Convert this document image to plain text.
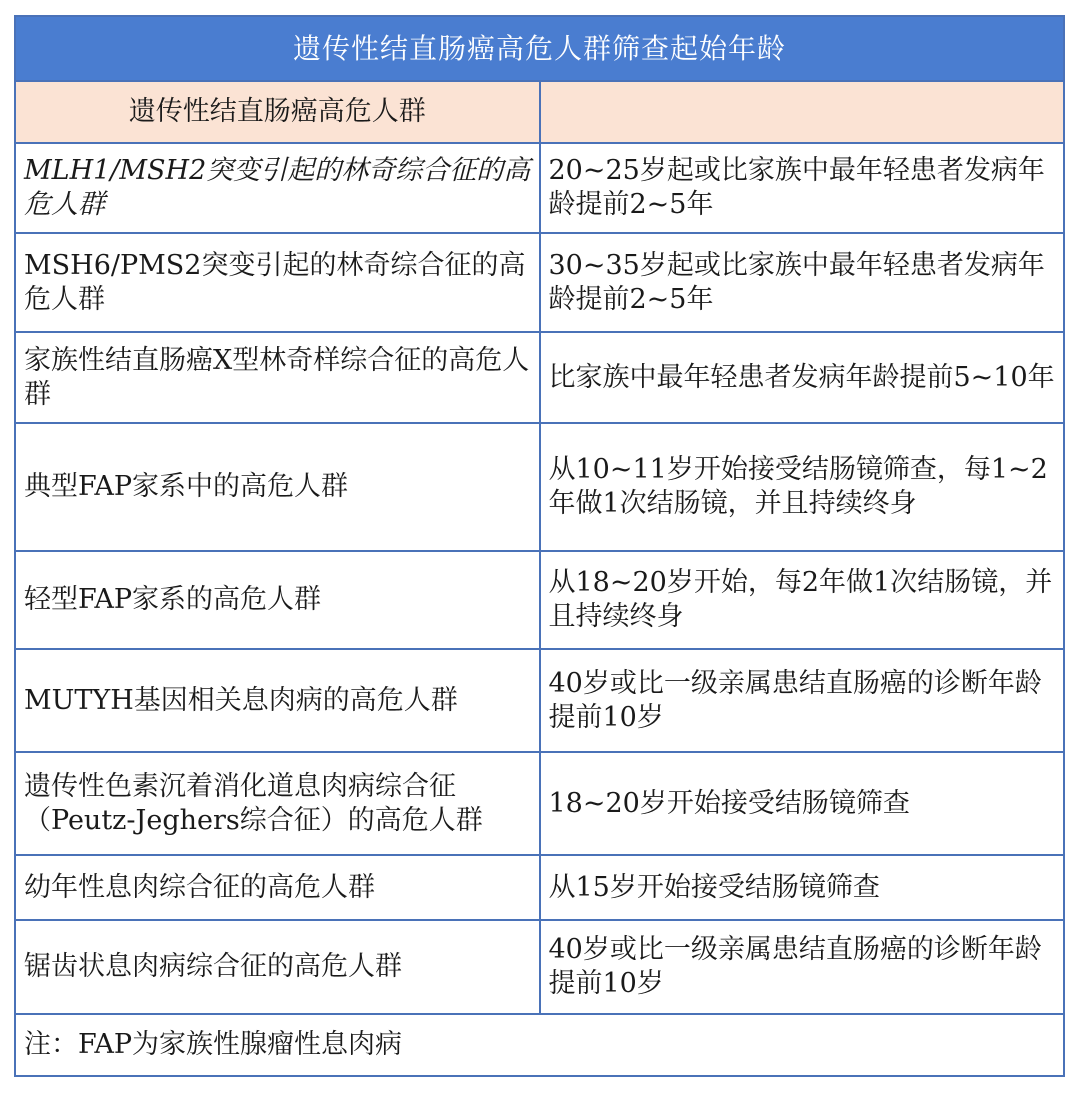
遗传性结直肠癌高危人群筛查起始年龄	
遗传性结直肠癌高危人群	
MLH1/MSH2突变引起的林奇综合征的高危人群	20~25岁起或比家族中最年轻患者发病年龄提前2~5年
MSH6/PMS2突变引起的林奇综合征的高危人群	30~35岁起或比家族中最年轻患者发病年龄提前2~5年
家族性结直肠癌X型林奇样综合征的高危人群	比家族中最年轻患者发病年龄提前5~10年
典型FAP家系中的高危人群	从10~11岁开始接受结肠镜筛查，每1~2年做1次结肠镜，并且持续终身
轻型FAP家系的高危人群	从18~20岁开始，每2年做1次结肠镜，并且持续终身
MUTYH基因相关息肉病的高危人群	40岁或比一级亲属患结直肠癌的诊断年龄提前10岁
遗传性色素沉着消化道息肉病综合征（Peutz-Jeghers综合征）的高危人群	18~20岁开始接受结肠镜筛查
幼年性息肉综合征的高危人群	从15岁开始接受结肠镜筛查
锯齿状息肉病综合征的高危人群	40岁或比一级亲属患结直肠癌的诊断年龄提前10岁
注：FAP为家族性腺瘤性息肉病	
